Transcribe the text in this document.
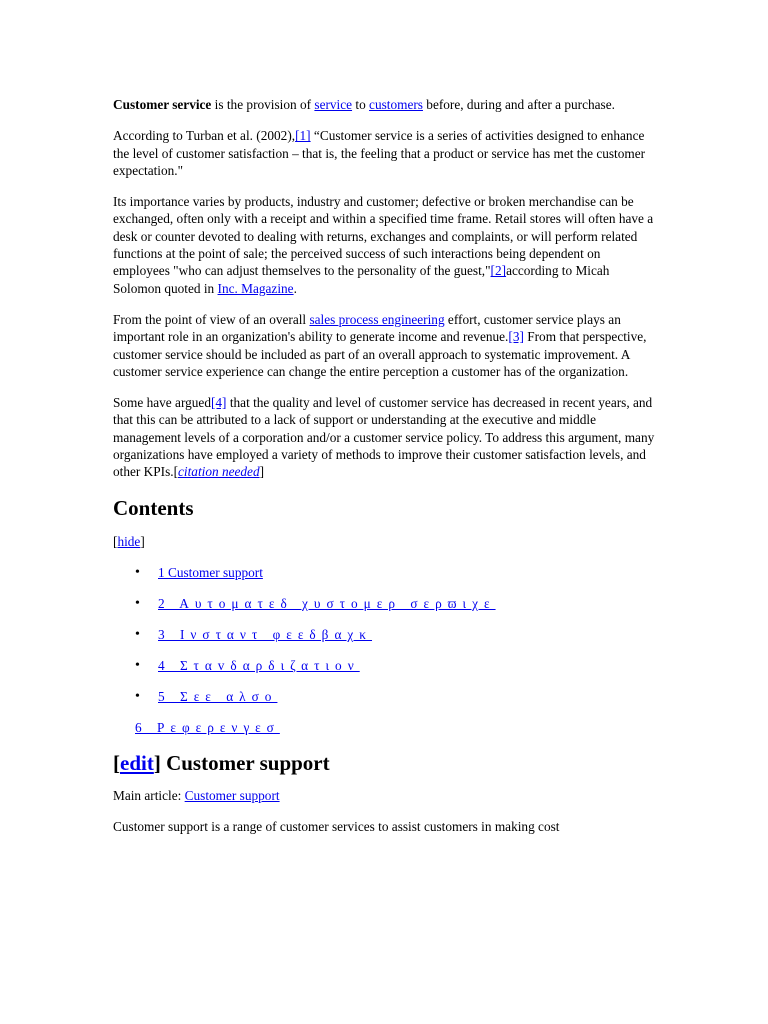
Customer service is the provision of service to customers before, during and after a purchase.

According to Turban et al. (2002),[1] “Customer service is a series of activities designed to enhance the level of customer satisfaction – that is, the feeling that a product or service has met the customer expectation."

Its importance varies by products, industry and customer; defective or broken merchandise can be exchanged, often only with a receipt and within a specified time frame. Retail stores will often have a desk or counter devoted to dealing with returns, exchanges and complaints, or will perform related functions at the point of sale; the perceived success of such interactions being dependent on employees "who can adjust themselves to the personality of the guest,"[2]according to Micah Solomon quoted in Inc. Magazine.

From the point of view of an overall sales process engineering effort, customer service plays an important role in an organization's ability to generate income and revenue.[3] From that perspective, customer service should be included as part of an overall approach to systematic improvement. A customer service experience can change the entire perception a customer has of the organization.

Some have argued[4] that the quality and level of customer service has decreased in recent years, and that this can be attributed to a lack of support or understanding at the executive and middle management levels of a corporation and/or a customer service policy. To address this argument, many organizations have employed a variety of methods to improve their customer satisfaction levels, and other KPIs.[citation needed]

Contents
[hide]
• 1 Customer support
• 2 Αυτοματεδ χυστομερ σερϖιχε
• 3 Ινσταντ φεεδβαχκ
• 4 Σταvδαρδιζατιον
• 5 Σεε αλσο
6 Ρεφερενγεσ
[edit] Customer support
Main article: Customer support

Customer support is a range of customer services to assist customers in making cost
